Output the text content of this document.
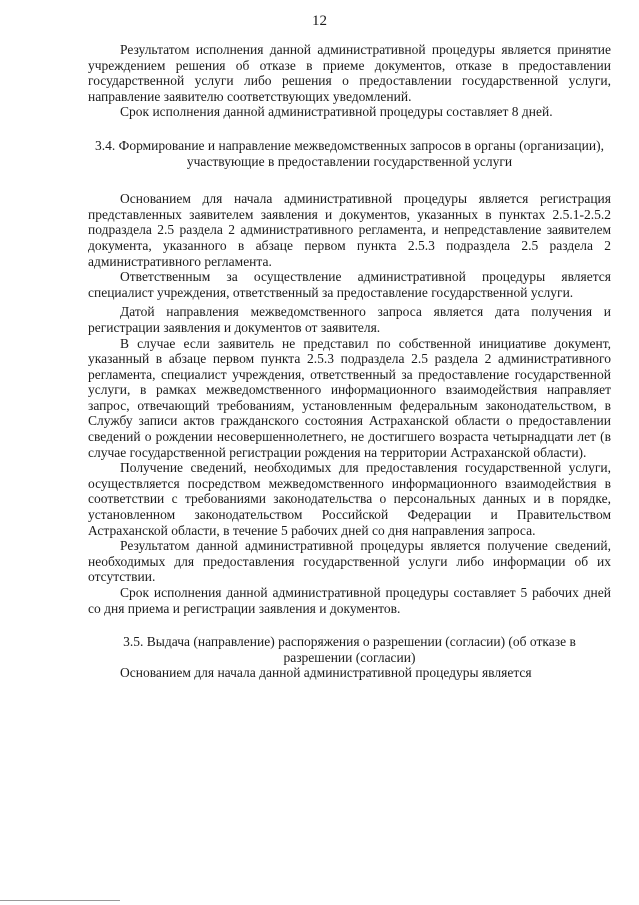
12

Результатом исполнения данной административной процедуры является принятие учреждением решения об отказе в приеме документов, отказе в предоставлении государственной услуги либо решения о предоставлении государственной услуги, направление заявителю соответствующих уведомлений.

Срок исполнения данной административной процедуры составляет 8 дней.

3.4. Формирование и направление межведомственных запросов в органы (организации), участвующие в предоставлении государственной услуги

Основанием для начала административной процедуры является регистрация представленных заявителем заявления и документов, указанных в пунктах 2.5.1-2.5.2 подраздела 2.5 раздела 2 административного регламента, и непредставление заявителем документа, указанного в абзаце первом пункта 2.5.3 подраздела 2.5 раздела 2 административного регламента.

Ответственным за осуществление административной процедуры является специалист учреждения, ответственный за предоставление государственной услуги.

Датой направления межведомственного запроса является дата получения и регистрации заявления и документов от заявителя.

В случае если заявитель не представил по собственной инициативе документ, указанный в абзаце первом пункта 2.5.3 подраздела 2.5 раздела 2 административного регламента, специалист учреждения, ответственный за предоставление государственной услуги, в рамках межведомственного информационного взаимодействия направляет запрос, отвечающий требованиям, установленным федеральным законодательством, в Службу записи актов гражданского состояния Астраханской области о предоставлении сведений о рождении несовершеннолетнего, не достигшего возраста четырнадцати лет (в случае государственной регистрации рождения на территории Астраханской области).

Получение сведений, необходимых для предоставления государственной услуги, осуществляется посредством межведомственного информационного взаимодействия в соответствии с требованиями законодательства о персональных данных и в порядке, установленном законодательством Российской Федерации и Правительством Астраханской области, в течение 5 рабочих дней со дня направления запроса.

Результатом данной административной процедуры является получение сведений, необходимых для предоставления государственной услуги либо информации об их отсутствии.

Срок исполнения данной административной процедуры составляет 5 рабочих дней со дня приема и регистрации заявления и документов.

3.5. Выдача (направление) распоряжения о разрешении (согласии) (об отказе в разрешении (согласии)

Основанием для начала данной административной процедуры является
